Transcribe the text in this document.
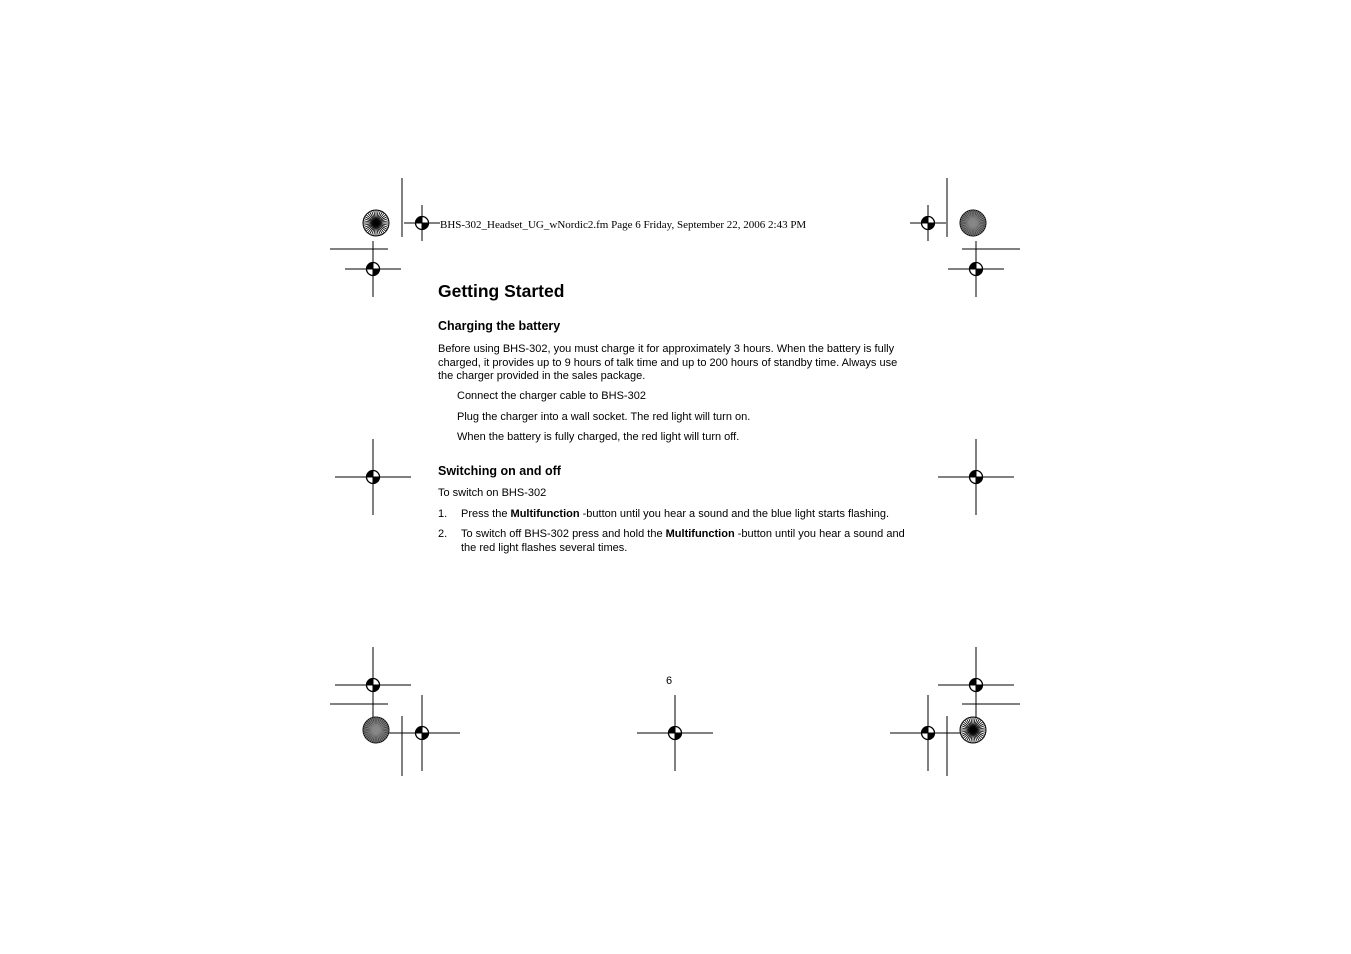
BHS-302_Headset_UG_wNordic2.fm Page 6 Friday, September 22, 2006 2:43 PM
Getting Started
Charging the battery

Before using BHS-302, you must charge it for approximately 3 hours. When the battery is fully charged, it provides up to 9 hours of talk time and up to 200 hours of standby time. Always use the charger provided in the sales package.

Connect the charger cable to BHS-302

Plug the charger into a wall socket. The red light will turn on.

When the battery is fully charged, the red light will turn off.

Switching on and off

To switch on BHS-302

1. Press the Multifunction -button until you hear a sound and the blue light starts flashing.

2. To switch off BHS-302 press and hold the Multifunction -button until you hear a sound and the red light flashes several times.

6
